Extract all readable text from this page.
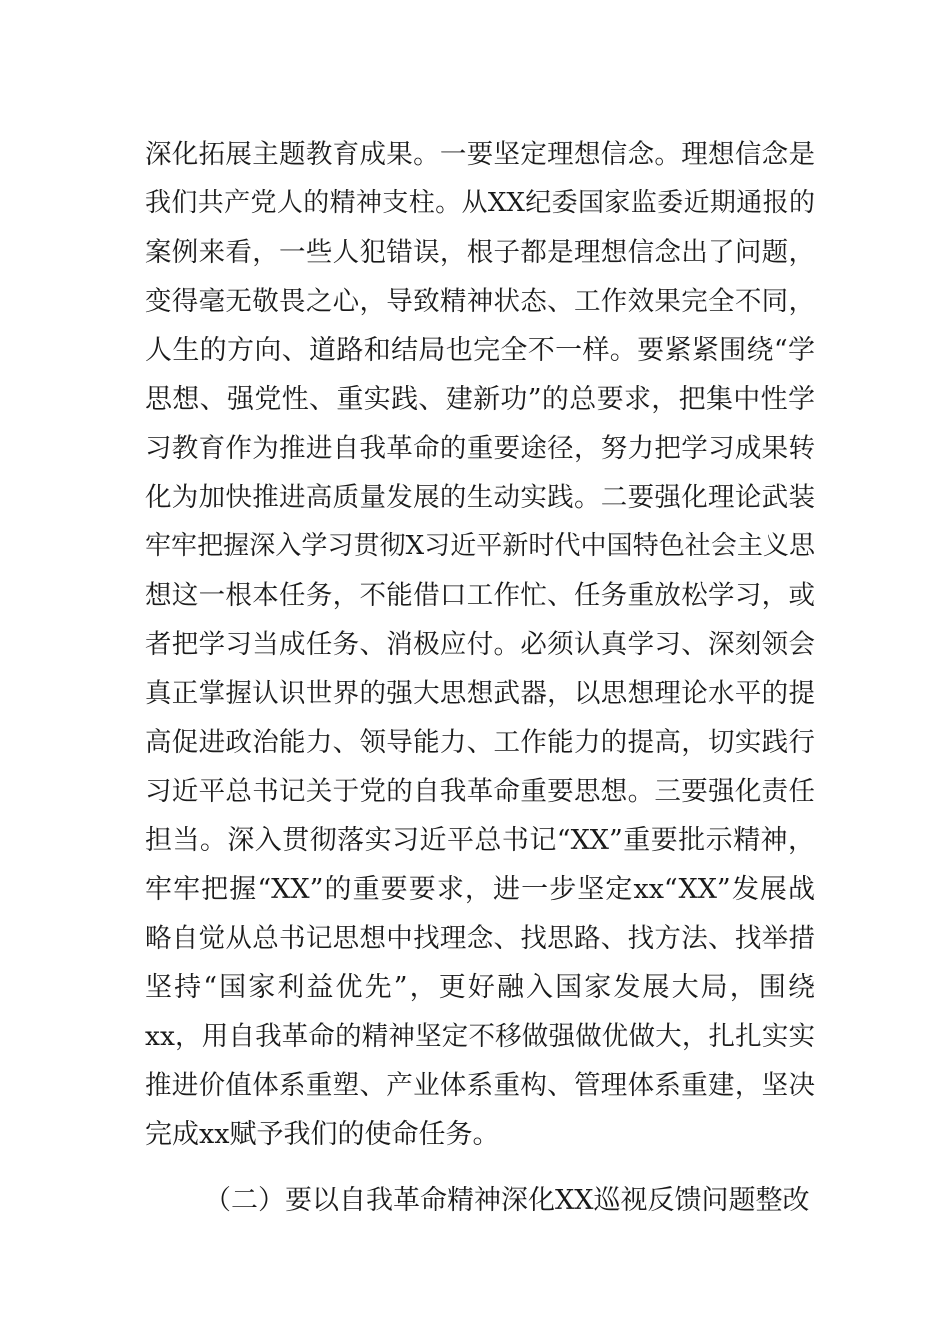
深化拓展主题教育成果。一要坚定理想信念。理想信念是
我们共产党人的精神支柱。从XX纪委国家监委近期通报的
案例来看，一些人犯错误，根子都是理想信念出了问题，
变得毫无敬畏之心，导致精神状态、工作效果完全不同，
人生的方向、道路和结局也完全不一样。要紧紧围绕“学
思想、强党性、重实践、建新功”的总要求，把集中性学
习教育作为推进自我革命的重要途径，努力把学习成果转
化为加快推进高质量发展的生动实践。二要强化理论武装
牢牢把握深入学习贯彻X习近平新时代中国特色社会主义思
想这一根本任务，不能借口工作忙、任务重放松学习，或
者把学习当成任务、消极应付。必须认真学习、深刻领会
真正掌握认识世界的强大思想武器，以思想理论水平的提
高促进政治能力、领导能力、工作能力的提高，切实践行
习近平总书记关于党的自我革命重要思想。三要强化责任
担当。深入贯彻落实习近平总书记“XX”重要批示精神，
牢牢把握“XX”的重要要求，进一步坚定xx“XX”发展战
略自觉从总书记思想中找理念、找思路、找方法、找举措
坚持“国家利益优先”，更好融入国家发展大局，围绕
xx，用自我革命的精神坚定不移做强做优做大，扎扎实实
推进价值体系重塑、产业体系重构、管理体系重建，坚决
完成xx赋予我们的使命任务。
（二）要以自我革命精神深化XX巡视反馈问题整改
